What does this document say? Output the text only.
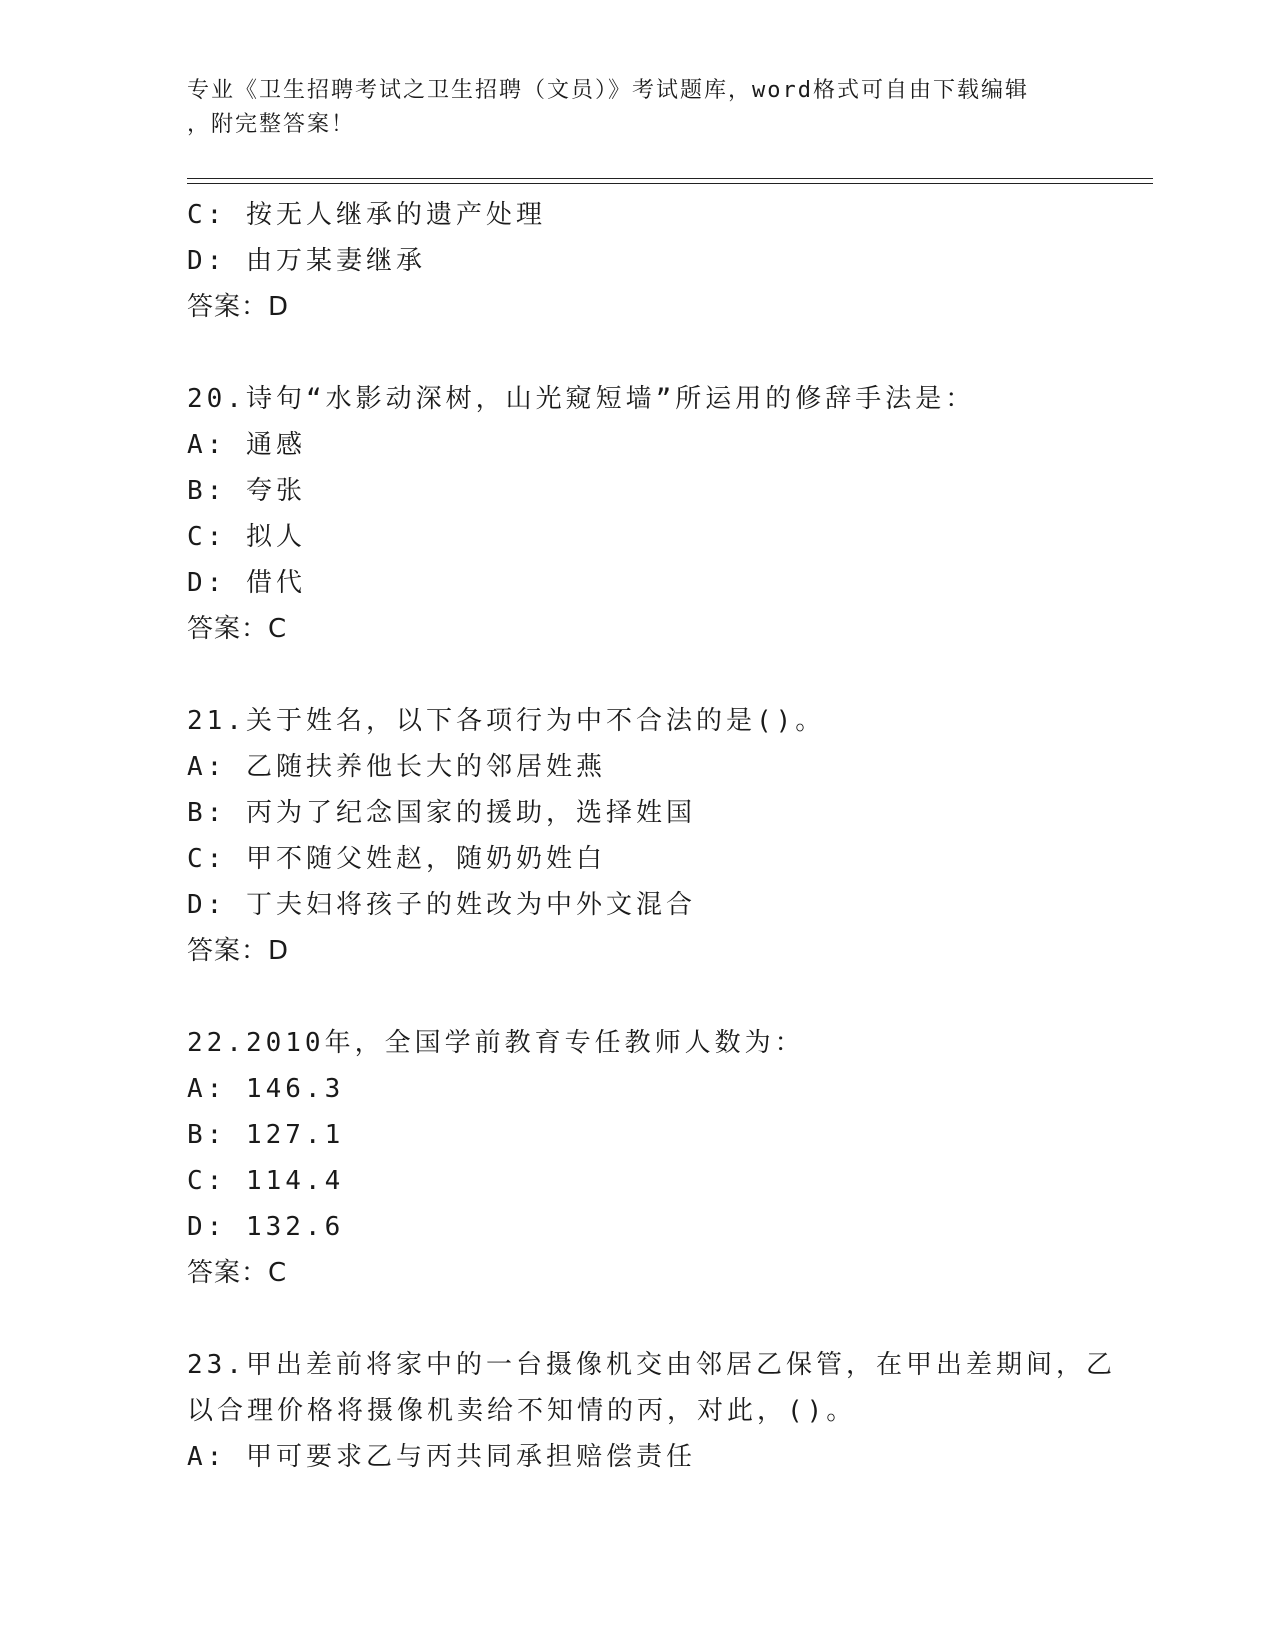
专业《卫生招聘考试之卫生招聘（文员）》考试题库，word格式可自由下载编辑
，附完整答案！
C: 按无人继承的遗产处理
D: 由万某妻继承
答案：D
20.诗句“水影动深树，山光窥短墙”所运用的修辞手法是：
A: 通感
B: 夸张
C: 拟人
D: 借代
答案：C
21.关于姓名，以下各项行为中不合法的是()。
A: 乙随扶养他长大的邻居姓燕
B: 丙为了纪念国家的援助，选择姓国
C: 甲不随父姓赵，随奶奶姓白
D: 丁夫妇将孩子的姓改为中外文混合
答案：D
22.2010年，全国学前教育专任教师人数为：
A: 146.3
B: 127.1
C: 114.4
D: 132.6
答案：C
23.甲出差前将家中的一台摄像机交由邻居乙保管，在甲出差期间，乙
以合理价格将摄像机卖给不知情的丙，对此，()。
A: 甲可要求乙与丙共同承担赔偿责任
